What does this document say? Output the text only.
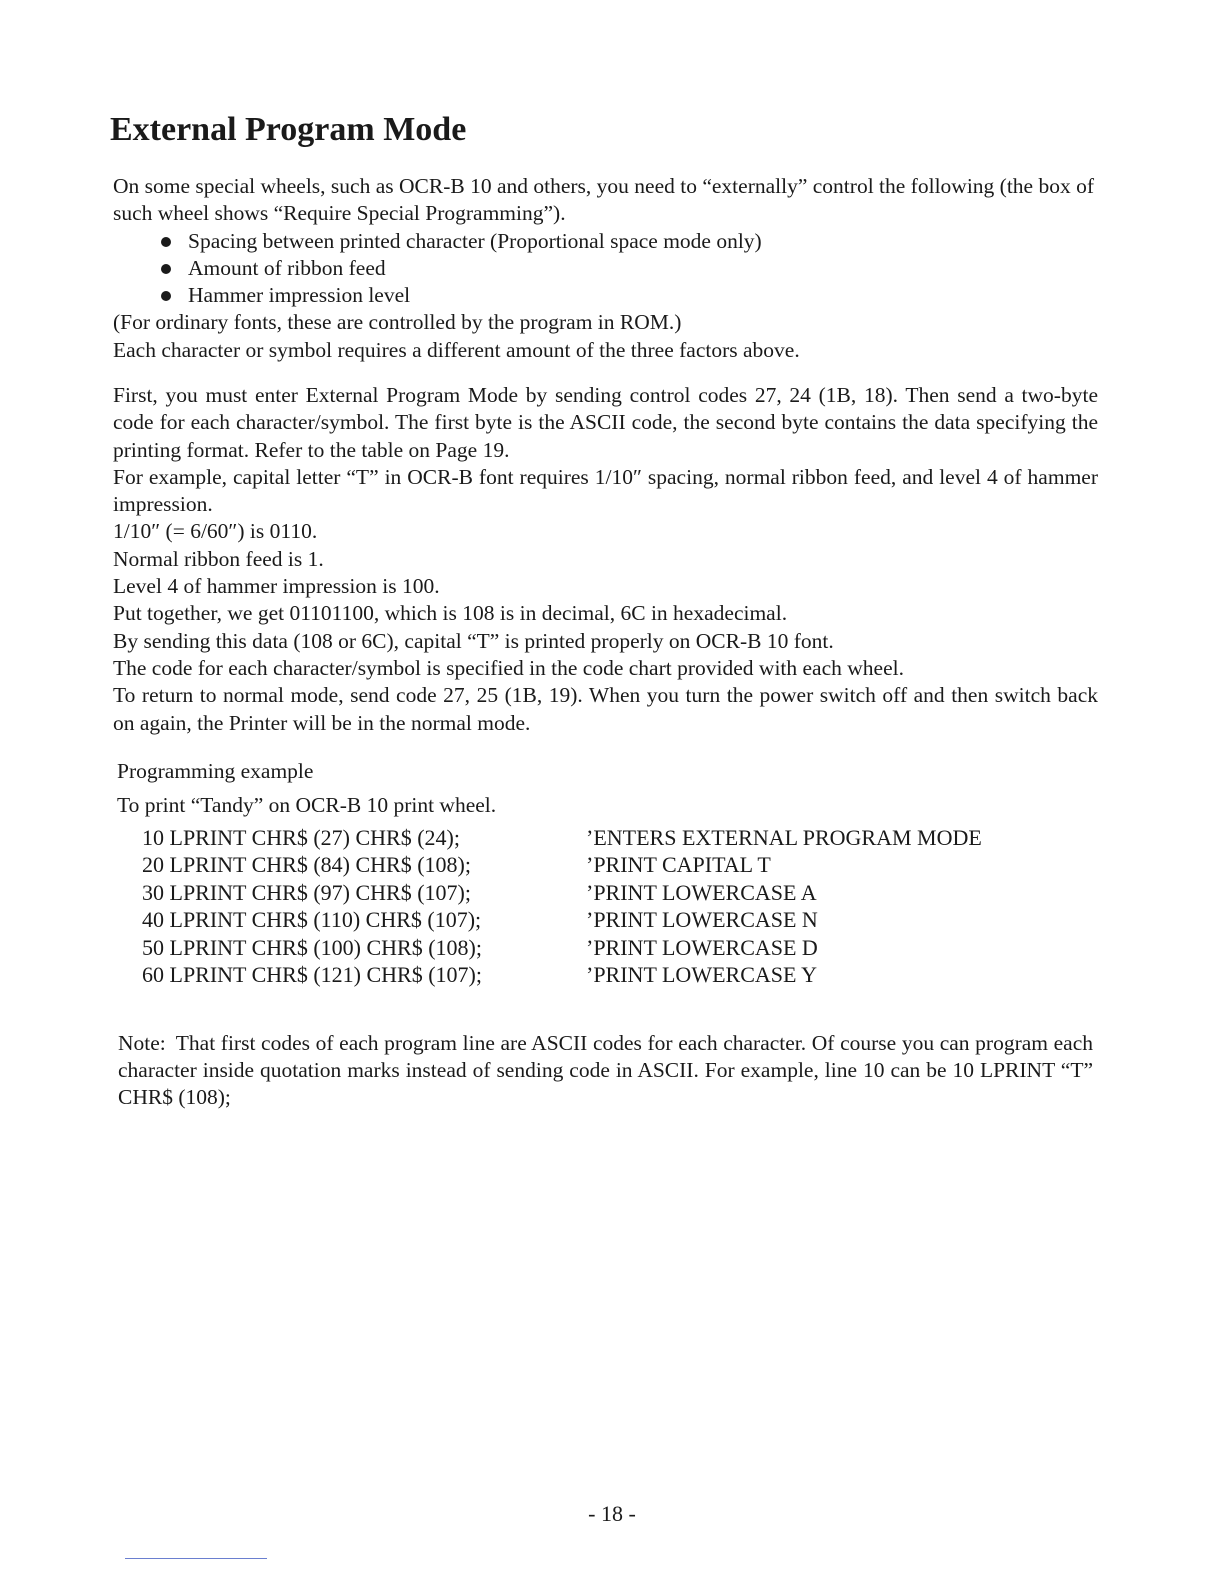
External Program Mode

On some special wheels, such as OCR-B 10 and others, you need to “externally” control the following (the box of such wheel shows “Require Special Programming”).

Spacing between printed character (Proportional space mode only)
Amount of ribbon feed
Hammer impression level

(For ordinary fonts, these are controlled by the program in ROM.)

Each character or symbol requires a different amount of the three factors above.

First, you must enter External Program Mode by sending control codes 27, 24 (1B, 18). Then send a two-byte code for each character/symbol. The first byte is the ASCII code, the second byte contains the data specifying the printing format. Refer to the table on Page 19.

For example, capital letter “T” in OCR-B font requires 1/10″ spacing, normal ribbon feed, and level 4 of hammer impression.

1/10″ (= 6/60″) is 0110.

Normal ribbon feed is 1.

Level 4 of hammer impression is 100.

Put together, we get 01101100, which is 108 is in decimal, 6C in hexadecimal.

By sending this data (108 or 6C), capital “T” is printed properly on OCR-B 10 font.

The code for each character/symbol is specified in the code chart provided with each wheel.

To return to normal mode, send code 27, 25 (1B, 19). When you turn the power switch off and then switch back on again, the Printer will be in the normal mode.

Programming example
To print “Tandy” on OCR-B 10 print wheel.
10 LPRINT CHR$ (27) CHR$ (24);	’ENTERS EXTERNAL PROGRAM MODE
20 LPRINT CHR$ (84) CHR$ (108);	’PRINT CAPITAL T
30 LPRINT CHR$ (97) CHR$ (107);	’PRINT LOWERCASE A
40 LPRINT CHR$ (110) CHR$ (107);	’PRINT LOWERCASE N
50 LPRINT CHR$ (100) CHR$ (108);	’PRINT LOWERCASE D
60 LPRINT CHR$ (121) CHR$ (107);	’PRINT LOWERCASE Y

Note: That first codes of each program line are ASCII codes for each character. Of course you can program each character inside quotation marks instead of sending code in ASCII. For example, line 10 can be 10 LPRINT “T” CHR$ (108);

- 18 -
